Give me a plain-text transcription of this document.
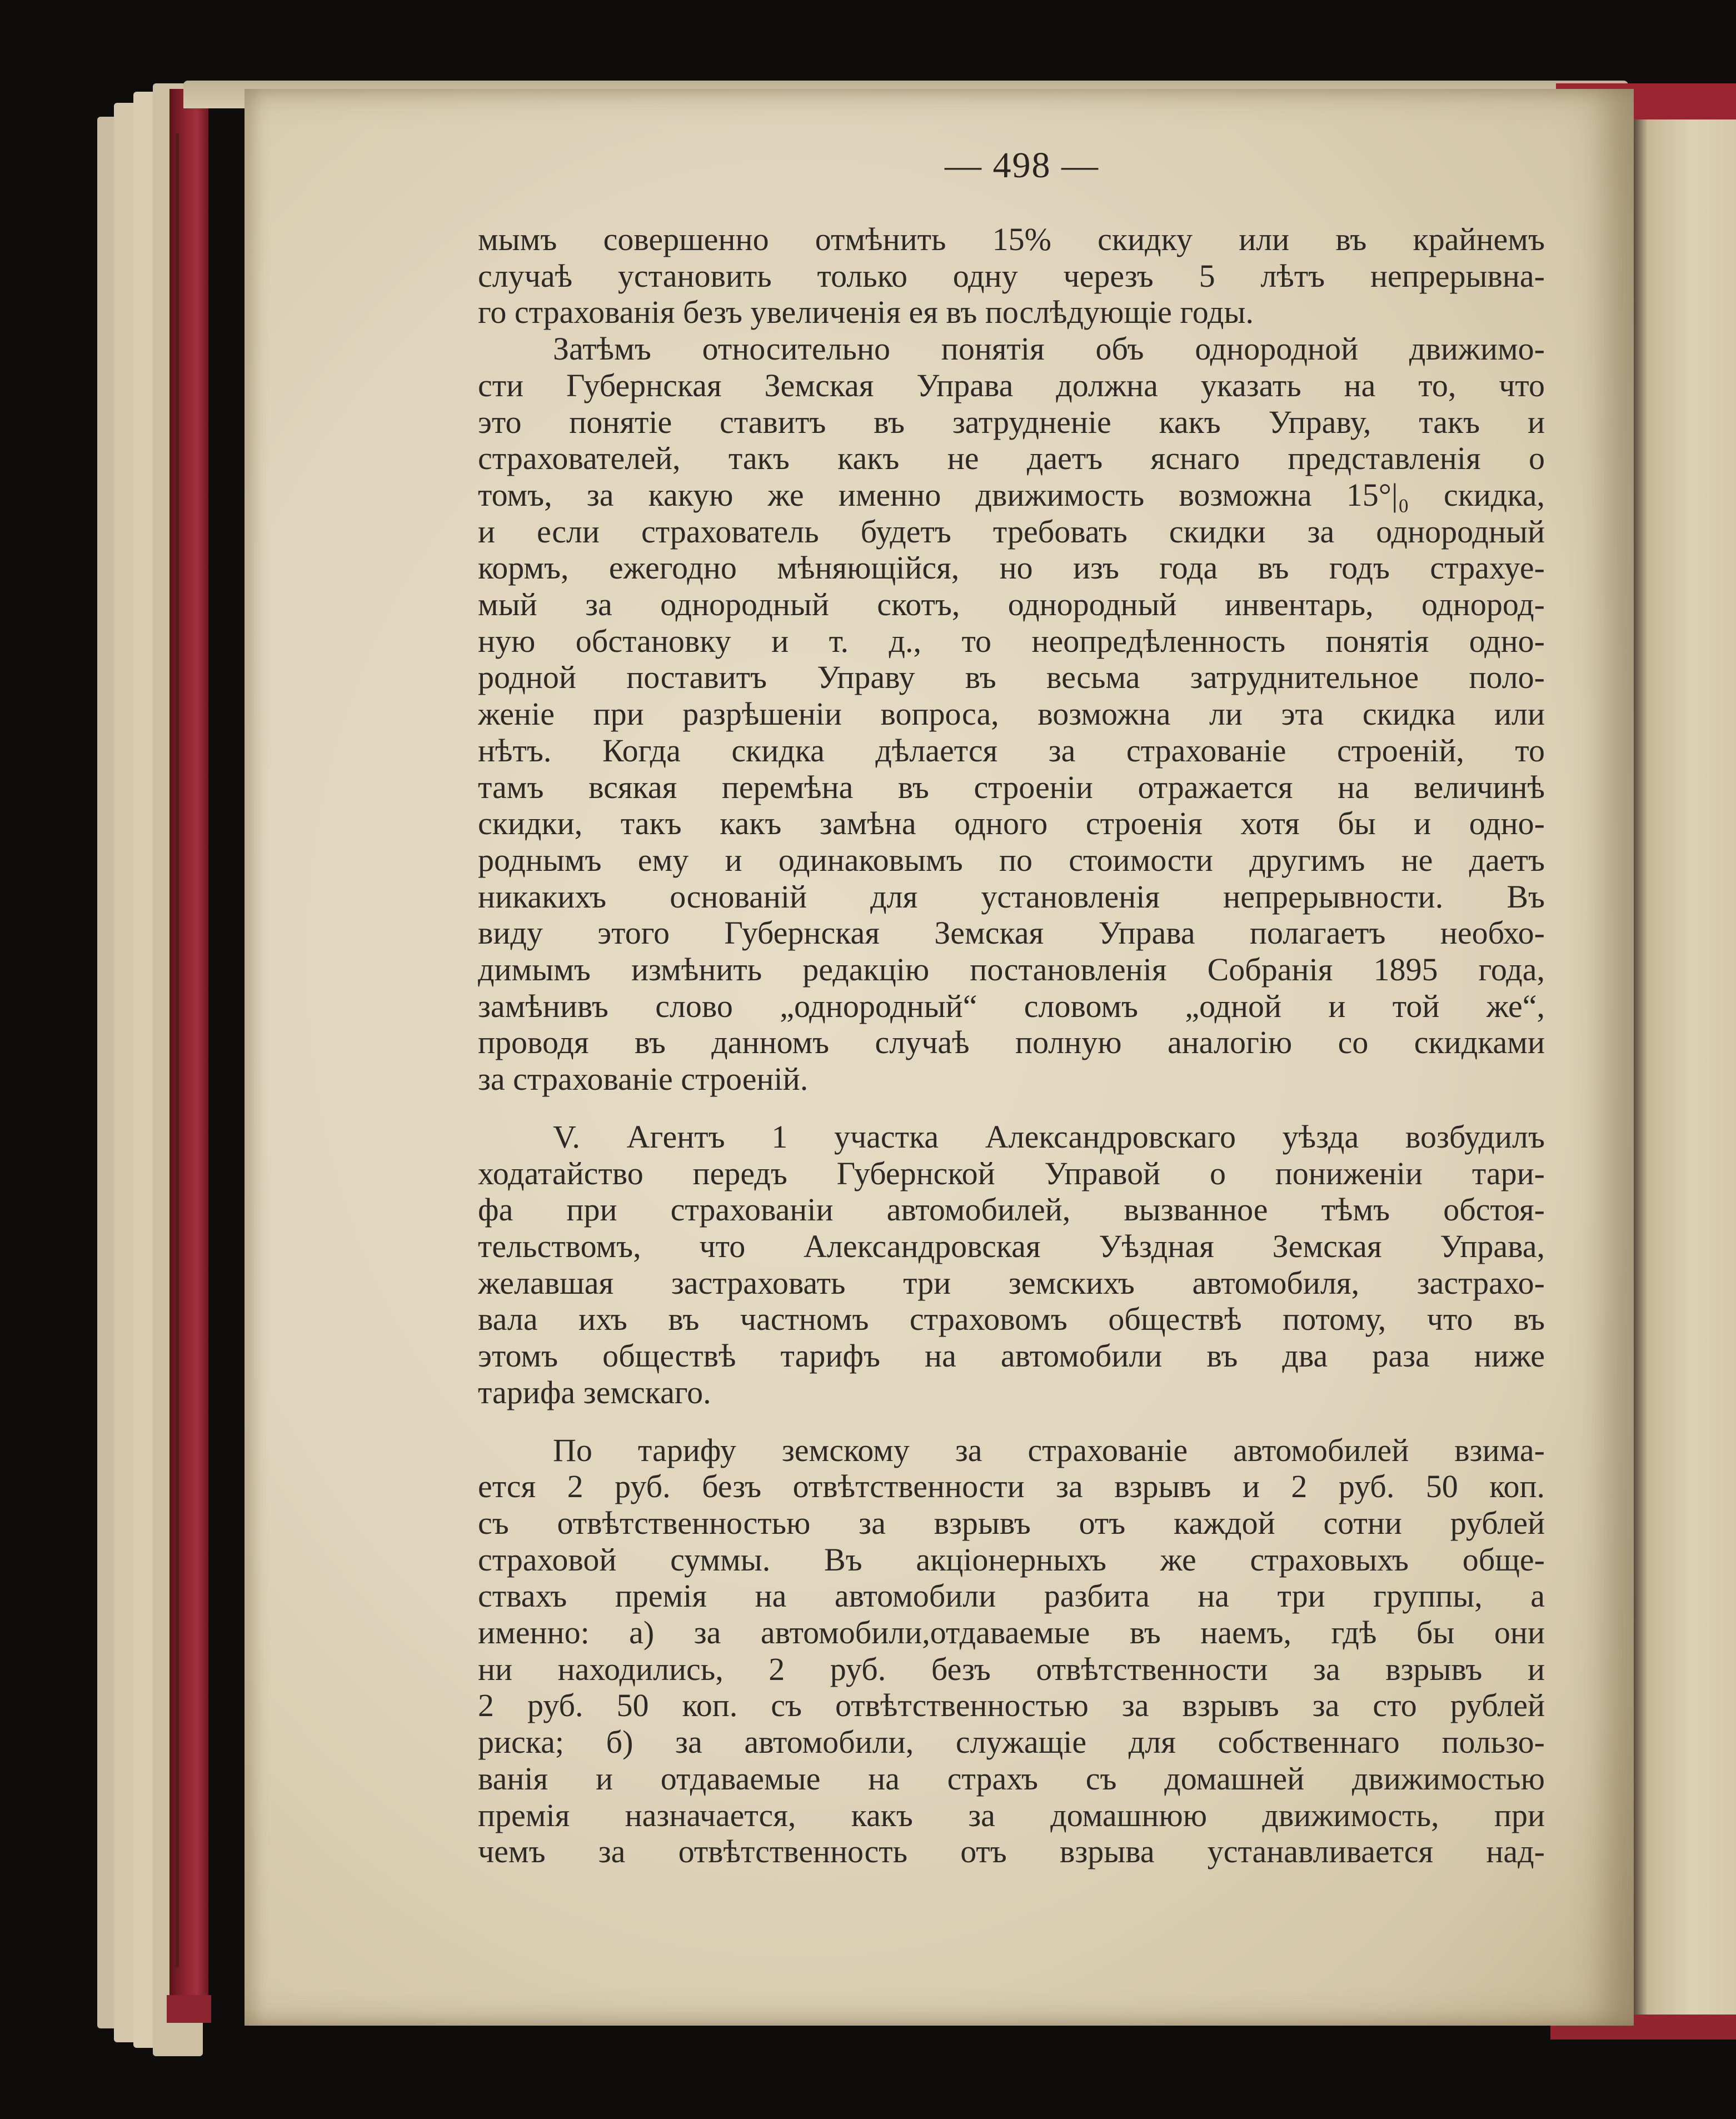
— 498 —
мымъ совершенно отмѣнить 15% скидку или въ крайнемъ
случаѣ установить только одну черезъ 5 лѣтъ непрерывна-
го страхованія безъ увеличенія ея въ послѣдующіе годы.
Затѣмъ относительно понятія объ однородной движимо-
сти Губернская Земская Управа должна указать на то, что
это понятіе ставитъ въ затрудненіе какъ Управу, такъ и
страхователей, такъ какъ не даетъ яснаго представленія о
томъ, за какую же именно движимость возможна 15°|₀ скидка,
и если страхователь будетъ требовать скидки за однородный
кормъ, ежегодно мѣняющійся, но изъ года въ годъ страхуе-
мый за однородный скотъ, однородный инвентарь, однород-
ную обстановку и т. д., то неопредѣленность понятія одно-
родной поставитъ Управу въ весьма затруднительное поло-
женіе при разрѣшеніи вопроса, возможна ли эта скидка или
нѣтъ. Когда скидка дѣлается за страхованіе строеній, то
тамъ всякая перемѣна въ строеніи отражается на величинѣ
скидки, такъ какъ замѣна одного строенія хотя бы и одно-
роднымъ ему и одинаковымъ по стоимости другимъ не даетъ
никакихъ основаній для установленія непрерывности. Въ
виду этого Губернская Земская Управа полагаетъ необхо-
димымъ измѣнить редакцію постановленія Собранія 1895 года,
замѣнивъ слово „однородный“ словомъ „одной и той же“,
проводя въ данномъ случаѣ полную аналогію со скидками
за страхованіе строеній.
V. Агентъ 1 участка Александровскаго уѣзда возбудилъ
ходатайство передъ Губернской Управой о пониженіи тари-
фа при страхованіи автомобилей, вызванное тѣмъ обстоя-
тельствомъ, что Александровская Уѣздная Земская Управа,
желавшая застраховать три земскихъ автомобиля, застрахо-
вала ихъ въ частномъ страховомъ обществѣ потому, что въ
этомъ обществѣ тарифъ на автомобили въ два раза ниже
тарифа земскаго.
По тарифу земскому за страхованіе автомобилей взима-
ется 2 руб. безъ отвѣтственности за взрывъ и 2 руб. 50 коп.
съ отвѣтственностью за взрывъ отъ каждой сотни рублей
страховой суммы. Въ акціонерныхъ же страховыхъ обще-
ствахъ премія на автомобили разбита на три группы, а
именно: а) за автомобили,отдаваемые въ наемъ, гдѣ бы они
ни находились, 2 руб. безъ отвѣтственности за взрывъ и
2 руб. 50 коп. съ отвѣтственностью за взрывъ за сто рублей
риска; б) за автомобили, служащіе для собственнаго пользо-
ванія и отдаваемые на страхъ съ домашней движимостью
премія назначается, какъ за домашнюю движимость, при
чемъ за отвѣтственность отъ взрыва устанавливается над-
